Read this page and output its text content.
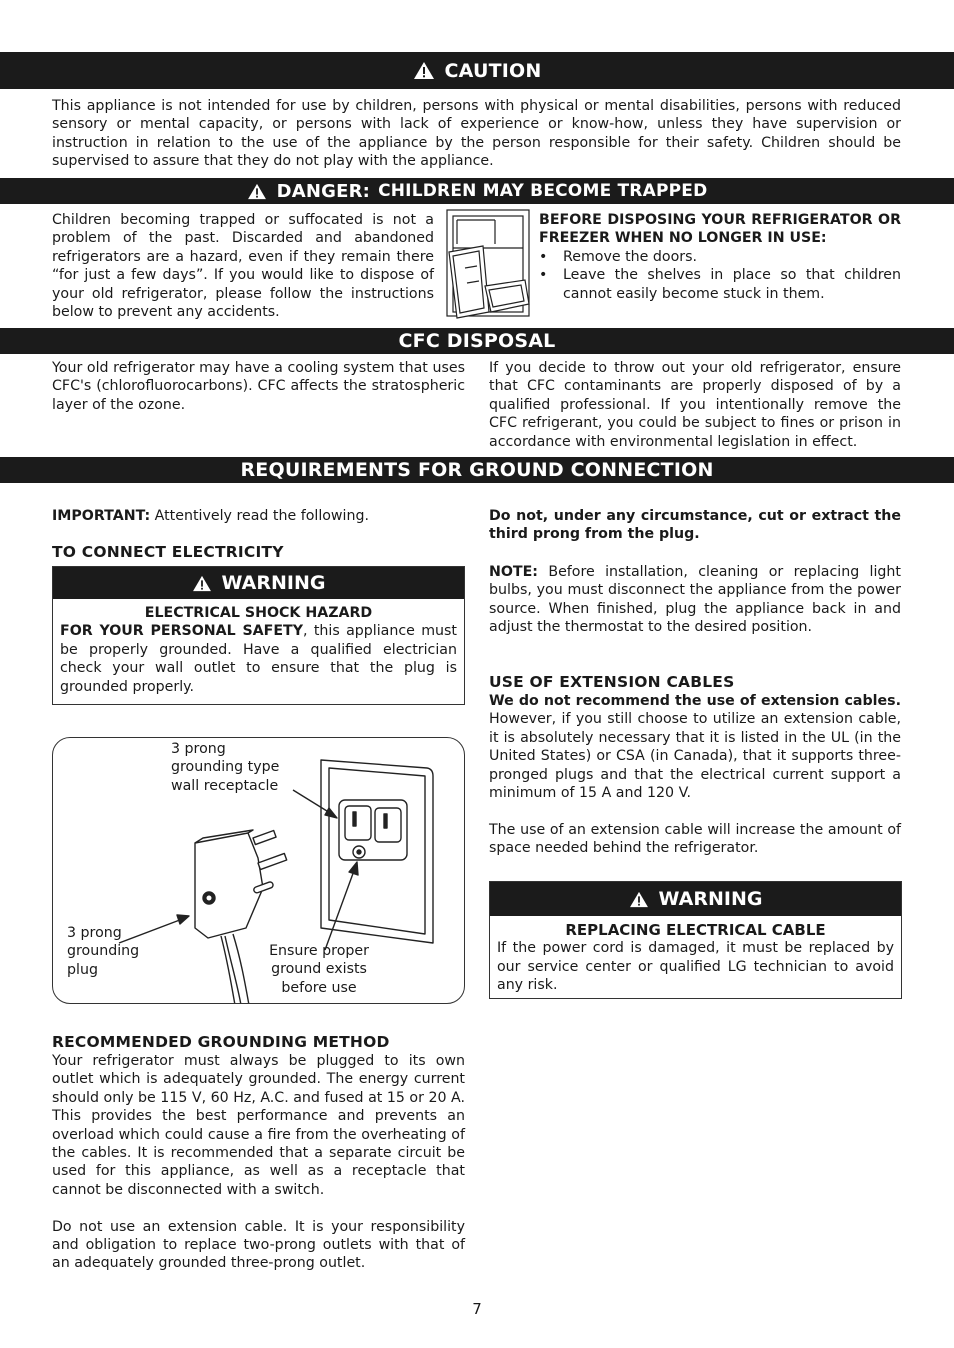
CAUTION
This appliance is not intended for use by children, persons with physical or mental disabilities, persons with reduced sensory or mental capacity, or persons with lack of experience or know-how, unless they have supervision or instruction in relation to the use of the appliance by the person responsible for their safety. Children should be supervised to assure that they do not play with the appliance.
DANGER: CHILDREN MAY BECOME TRAPPED
Children becoming trapped or suffocated is not a problem of the past. Discarded and abandoned refrigerators are a hazard, even if they remain there “for just a few days”. If you would like to dispose of your old refrigerator, please follow the instructions below to prevent any accidents.

BEFORE DISPOSING YOUR REFRIGERATOR OR FREEZER WHEN NO LONGER IN USE:

• Remove the doors.
• Leave the shelves in place so that children cannot easily become stuck in them.
CFC DISPOSAL
Your old refrigerator may have a cooling system that uses CFC's (chlorofluorocarbons). CFC affects the stratospheric layer of the ozone.
If you decide to throw out your old refrigerator, ensure that CFC contaminants are properly disposed of by a qualified professional. If you intentionally remove the CFC refrigerant, you could be subject to fines or prison in accordance with environmental legislation in effect.
REQUIREMENTS FOR GROUND CONNECTION
IMPORTANT: Attentively read the following.
TO CONNECT ELECTRICITY
WARNING
ELECTRICAL SHOCK HAZARD
FOR YOUR PERSONAL SAFETY, this appliance must be properly grounded. Have a qualified electrician check your wall outlet to ensure that the plug is grounded properly.
3 prong grounding type wall receptacle
3 prong grounding plug
Ensure proper ground exists before use
RECOMMENDED GROUNDING METHOD

Your refrigerator must always be plugged to its own outlet which is adequately grounded. The energy current should only be 115 V, 60 Hz, A.C. and fused at 15 or 20 A. This provides the best performance and prevents an overload which could cause a fire from the overheating of the cables. It is recommended that a separate circuit be used for this appliance, as well as a receptacle that cannot be disconnected with a switch.

Do not use an extension cable. It is your responsibility and obligation to replace two-prong outlets with that of an adequately grounded three-prong outlet.

Do not, under any circumstance, cut or extract the third prong from the plug.
NOTE: Before installation, cleaning or replacing light bulbs, you must disconnect the appliance from the power source. When finished, plug the appliance back in and adjust the thermostat to the desired position.
USE OF EXTENSION CABLES

We do not recommend the use of extension cables. However, if you still choose to utilize an extension cable, it is absolutely necessary that it is listed in the UL (in the United States) or CSA (in Canada), that it supports three-pronged plugs and that the electrical current support a minimum of 15 A and 120 V.

The use of an extension cable will increase the amount of space needed behind the refrigerator.

WARNING
REPLACING ELECTRICAL CABLE
If the power cord is damaged, it must be replaced by our service center or qualified LG technician to avoid any risk.
7
